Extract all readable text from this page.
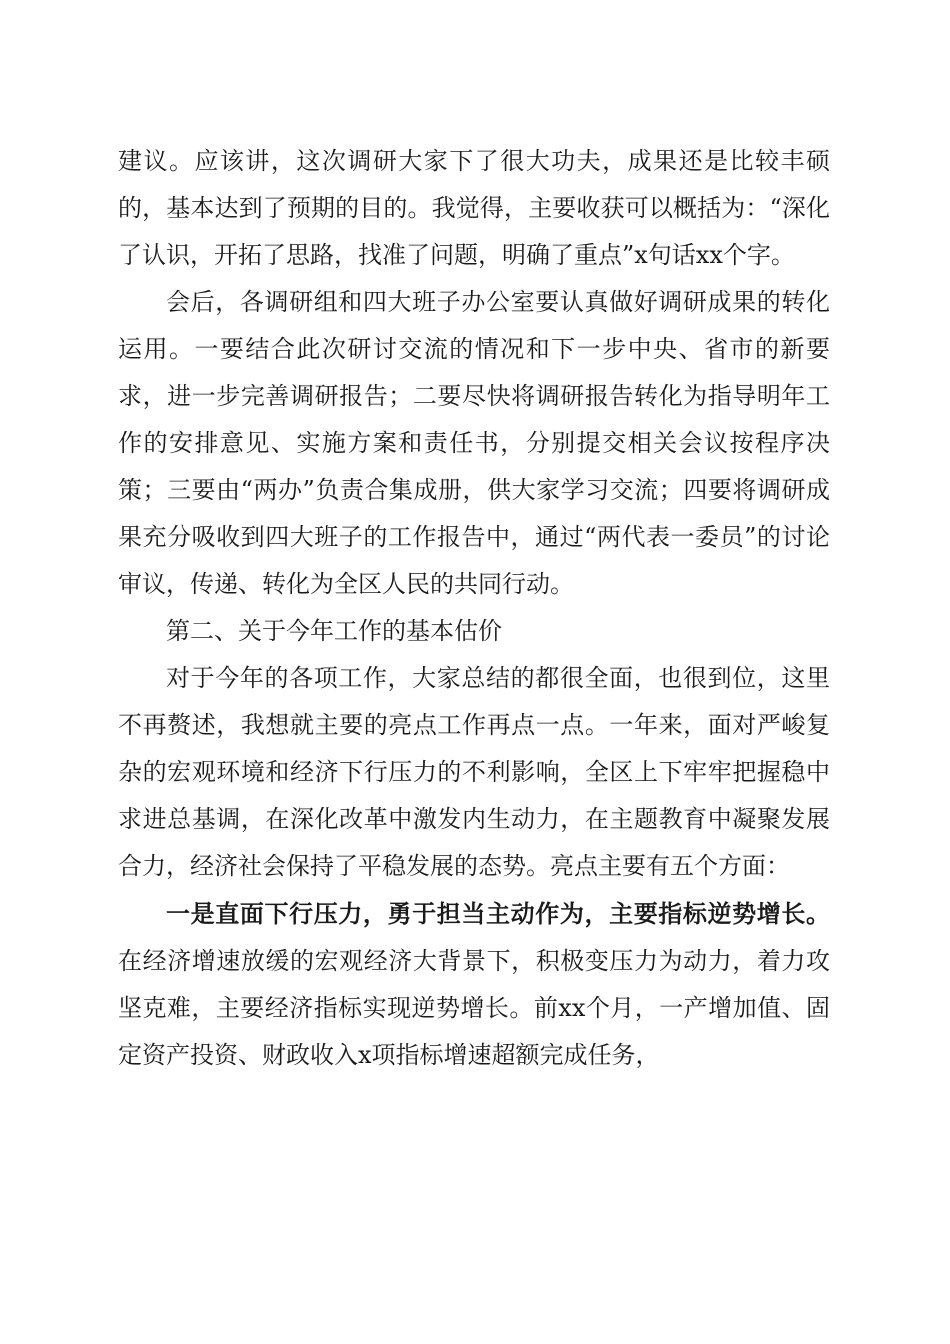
建议。应该讲，这次调研大家下了很大功夫，成果还是比较丰硕的，基本达到了预期的目的。我觉得，主要收获可以概括为：“深化了认识，开拓了思路，找准了问题，明确了重点”x句话xx个字。

会后，各调研组和四大班子办公室要认真做好调研成果的转化运用。一要结合此次研讨交流的情况和下一步中央、省市的新要求，进一步完善调研报告；二要尽快将调研报告转化为指导明年工作的安排意见、实施方案和责任书，分别提交相关会议按程序决策；三要由“两办”负责合集成册，供大家学习交流；四要将调研成果充分吸收到四大班子的工作报告中，通过“两代表一委员”的讨论审议，传递、转化为全区人民的共同行动。

第二、关于今年工作的基本估价

对于今年的各项工作，大家总结的都很全面，也很到位，这里不再赘述，我想就主要的亮点工作再点一点。一年来，面对严峻复杂的宏观环境和经济下行压力的不利影响，全区上下牢牢把握稳中求进总基调，在深化改革中激发内生动力，在主题教育中凝聚发展合力，经济社会保持了平稳发展的态势。亮点主要有五个方面：

一是直面下行压力，勇于担当主动作为，主要指标逆势增长。在经济增速放缓的宏观经济大背景下，积极变压力为动力，着力攻坚克难，主要经济指标实现逆势增长。前xx个月，一产增加值、固定资产投资、财政收入x项指标增速超额完成任务，
